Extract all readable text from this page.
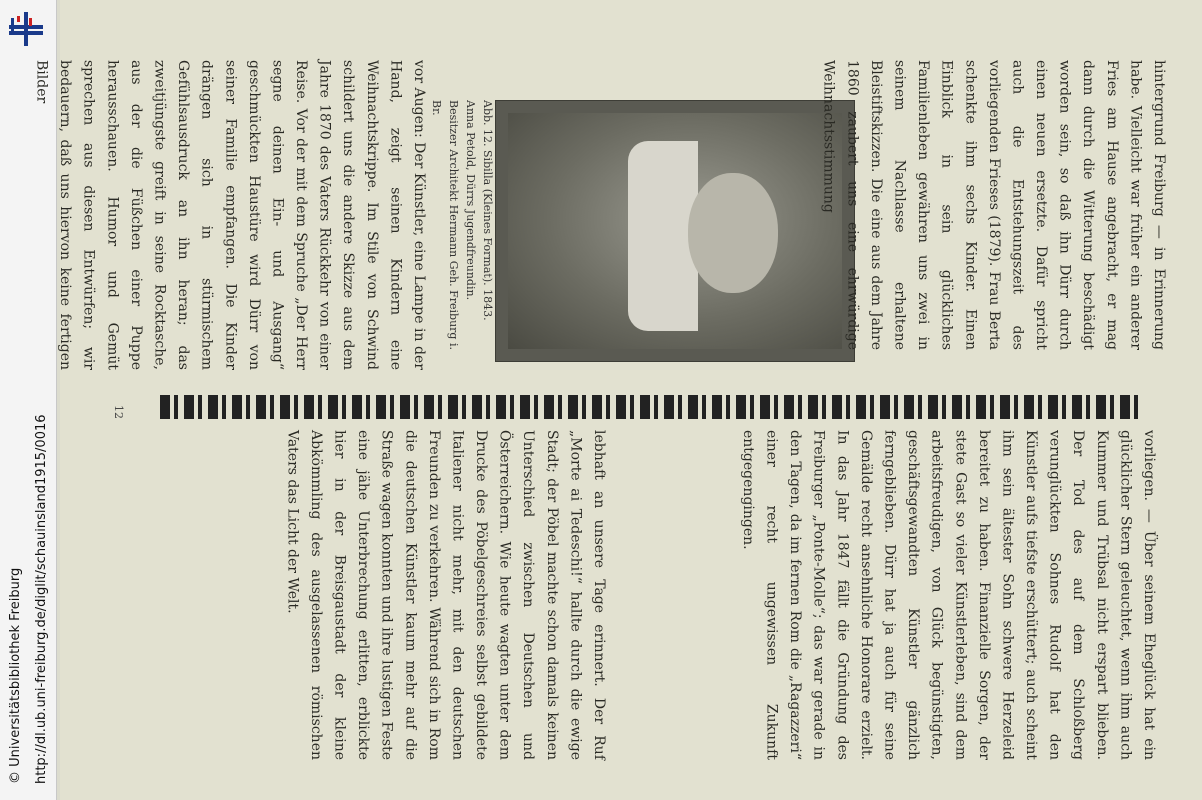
http://dl.ub.uni-freiburg.de/diglit/schauinsland1915/0016
© Universitätsbibliothek Freiburg
Abb. 12. Sibilla (Kleines Format). 1843.
Anna Petold, Dürrs Jugendfreundin.
Besitzer Architekt Hermann Geh. Freiburg i. Br.	hintergrund Freiburg — in Erinnerung habe. Vielleicht war früher ein anderer Fries am Hause angebracht, er mag dann durch die Witterung beschädigt worden sein, so daß ihn Dürr durch einen neuen ersetzte. Dafür spricht auch die Entstehungszeit des vorliegenden Frieses (1879). Frau Berta schenkte ihm sechs Kinder. Einen Einblick in sein glückliches Familienleben gewähren uns zwei in seinem Nachlasse erhaltene Bleistiftskizzen. Die eine aus dem Jahre 1860 zaubert uns eine ehrwürdige Weihnachtsstimmung

vor Augen: Der Künstler, eine Lampe in der Hand, zeigt seinen Kindern eine Weihnachtskrippe. Im Stile von Schwind schildert uns die andere Skizze aus dem Jahre 1870 des Vaters Rückkehr von einer Reise. Vor der mit dem Spruche „Der Herr segne deinen Ein- und Ausgang“ geschmückten Haustüre wird Dürr von seiner Familie empfangen. Die Kinder drängen sich in stürmischem Gefühlsausdruck an ihn heran; das zweitjüngste greift in seine Rocktasche, aus der die Füßchen einer Puppe herausschauen. Humor und Gemüt sprechen aus diesen Entwürfen; wir bedauern, daß uns hiervon keine fertigen Bilder

12

vorliegen. — Über seinem Eheglück hat ein glücklicher Stern geleuchtet, wenn ihm auch Kummer und Trübsal nicht erspart blieben. Der Tod des auf dem Schloßberg verunglückten Sohnes Rudolf hat den Künstler aufs tiefste erschüttert; auch scheint ihm sein ältester Sohn schwere Herzeleid bereitet zu haben. Finanzielle Sorgen, der stete Gast so vieler Künstlerleben, sind dem arbeitsfreudigen, von Glück begünstigten, geschäftsgewandten Künstler gänzlich ferngeblieben. Dürr hat ja auch für seine Gemälde recht ansehnliche Honorare erzielt. In das Jahr 1847 fällt die Gründung des Freiburger „Ponte-Molle“; das war gerade in den Tagen, da im fernen Rom die „Ragazzeri“ einer recht ungewissen Zukunft entgegengingen.

lebhaft an unsere Tage erinnert. Der Ruf „Morte ai Tedeschi!“ hallte durch die ewige Stadt; der Pöbel machte schon damals keinen Unterschied zwischen Deutschen und Österreichern. Wie heute wagten unter dem Drucke des Pöbelgeschreies selbst gebildete Italiener nicht mehr, mit den deutschen Freunden zu verkehren. Während sich in Rom die deutschen Künstler kaum mehr auf die Straße wagen konnten und ihre lustigen Feste eine jähe Unterbrechung erlitten, erblickte hier in der Breisgaustadt der kleine Abkömmling des ausgelassenen römischen Vaters das Licht der Welt.
